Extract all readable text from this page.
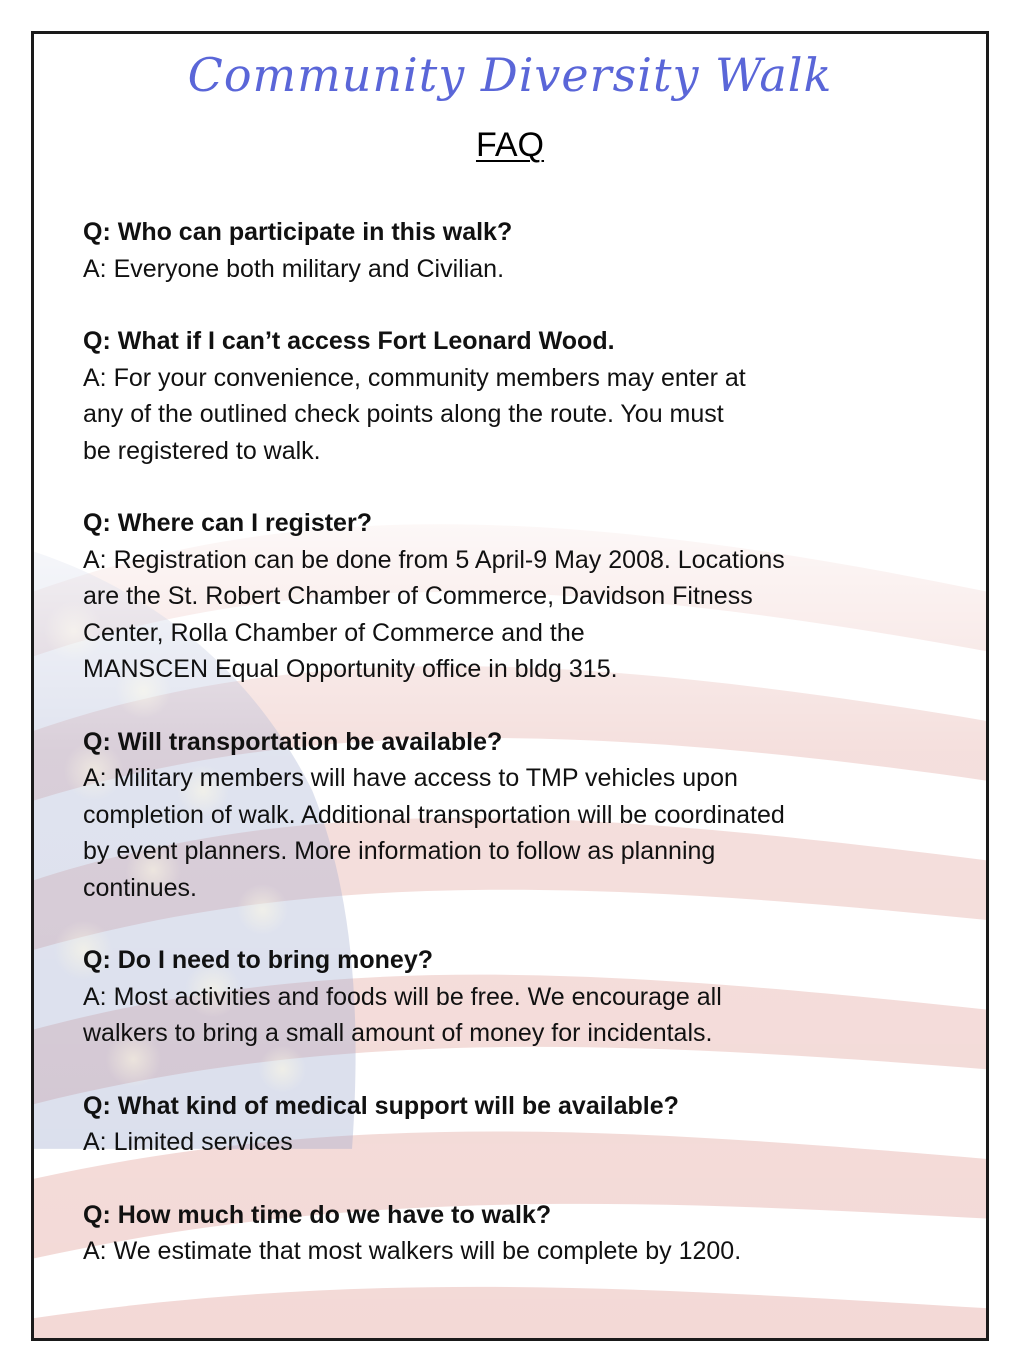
Community Diversity Walk
FAQ
Q: Who can participate in this walk?
A: Everyone both military and Civilian.
Q: What if I can’t access Fort Leonard Wood.
A: For your convenience, community members may enter at
any of the outlined check points along the route. You must
be registered to walk.
Q: Where can I register?
A: Registration can be done from 5 April-9 May 2008. Locations
are the St. Robert Chamber of Commerce, Davidson Fitness
Center, Rolla Chamber of Commerce and the
MANSCEN Equal Opportunity office in bldg 315.
Q: Will transportation be available?
A: Military members will have access to TMP vehicles upon
completion of walk. Additional transportation will be coordinated
by event planners. More information to follow as planning
continues.
Q: Do I need to bring money?
A: Most activities and foods will be free. We encourage all
walkers to bring a small amount of money for incidentals.
Q: What kind of medical support will be available?
A: Limited services
Q: How much time do we have to walk?
A: We estimate that most walkers will be complete by 1200.
